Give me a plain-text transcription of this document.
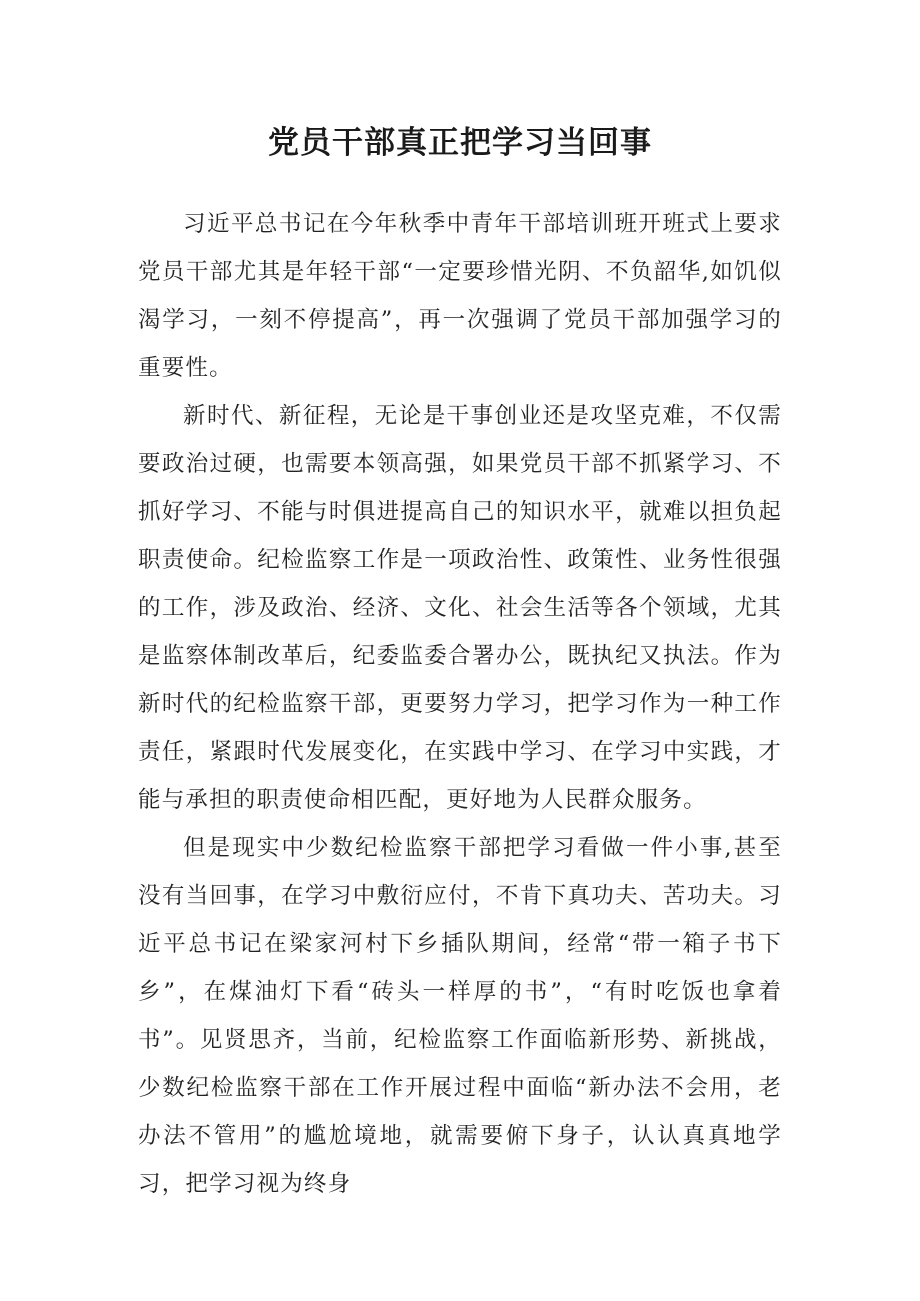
党员干部真正把学习当回事

习近平总书记在今年秋季中青年干部培训班开班式上要求党员干部尤其是年轻干部“一定要珍惜光阴、不负韶华,如饥似渴学习，一刻不停提高”，再一次强调了党员干部加强学习的重要性。

新时代、新征程，无论是干事创业还是攻坚克难，不仅需要政治过硬，也需要本领高强，如果党员干部不抓紧学习、不抓好学习、不能与时俱进提高自己的知识水平，就难以担负起职责使命。纪检监察工作是一项政治性、政策性、业务性很强的工作，涉及政治、经济、文化、社会生活等各个领域，尤其是监察体制改革后，纪委监委合署办公，既执纪又执法。作为新时代的纪检监察干部，更要努力学习，把学习作为一种工作责任，紧跟时代发展变化，在实践中学习、在学习中实践，才能与承担的职责使命相匹配，更好地为人民群众服务。

但是现实中少数纪检监察干部把学习看做一件小事,甚至没有当回事，在学习中敷衍应付，不肯下真功夫、苦功夫。习近平总书记在梁家河村下乡插队期间，经常“带一箱子书下乡”，在煤油灯下看“砖头一样厚的书”，“有时吃饭也拿着书”。见贤思齐，当前，纪检监察工作面临新形势、新挑战，少数纪检监察干部在工作开展过程中面临“新办法不会用，老办法不管用”的尴尬境地，就需要俯下身子，认认真真地学习，把学习视为终身
